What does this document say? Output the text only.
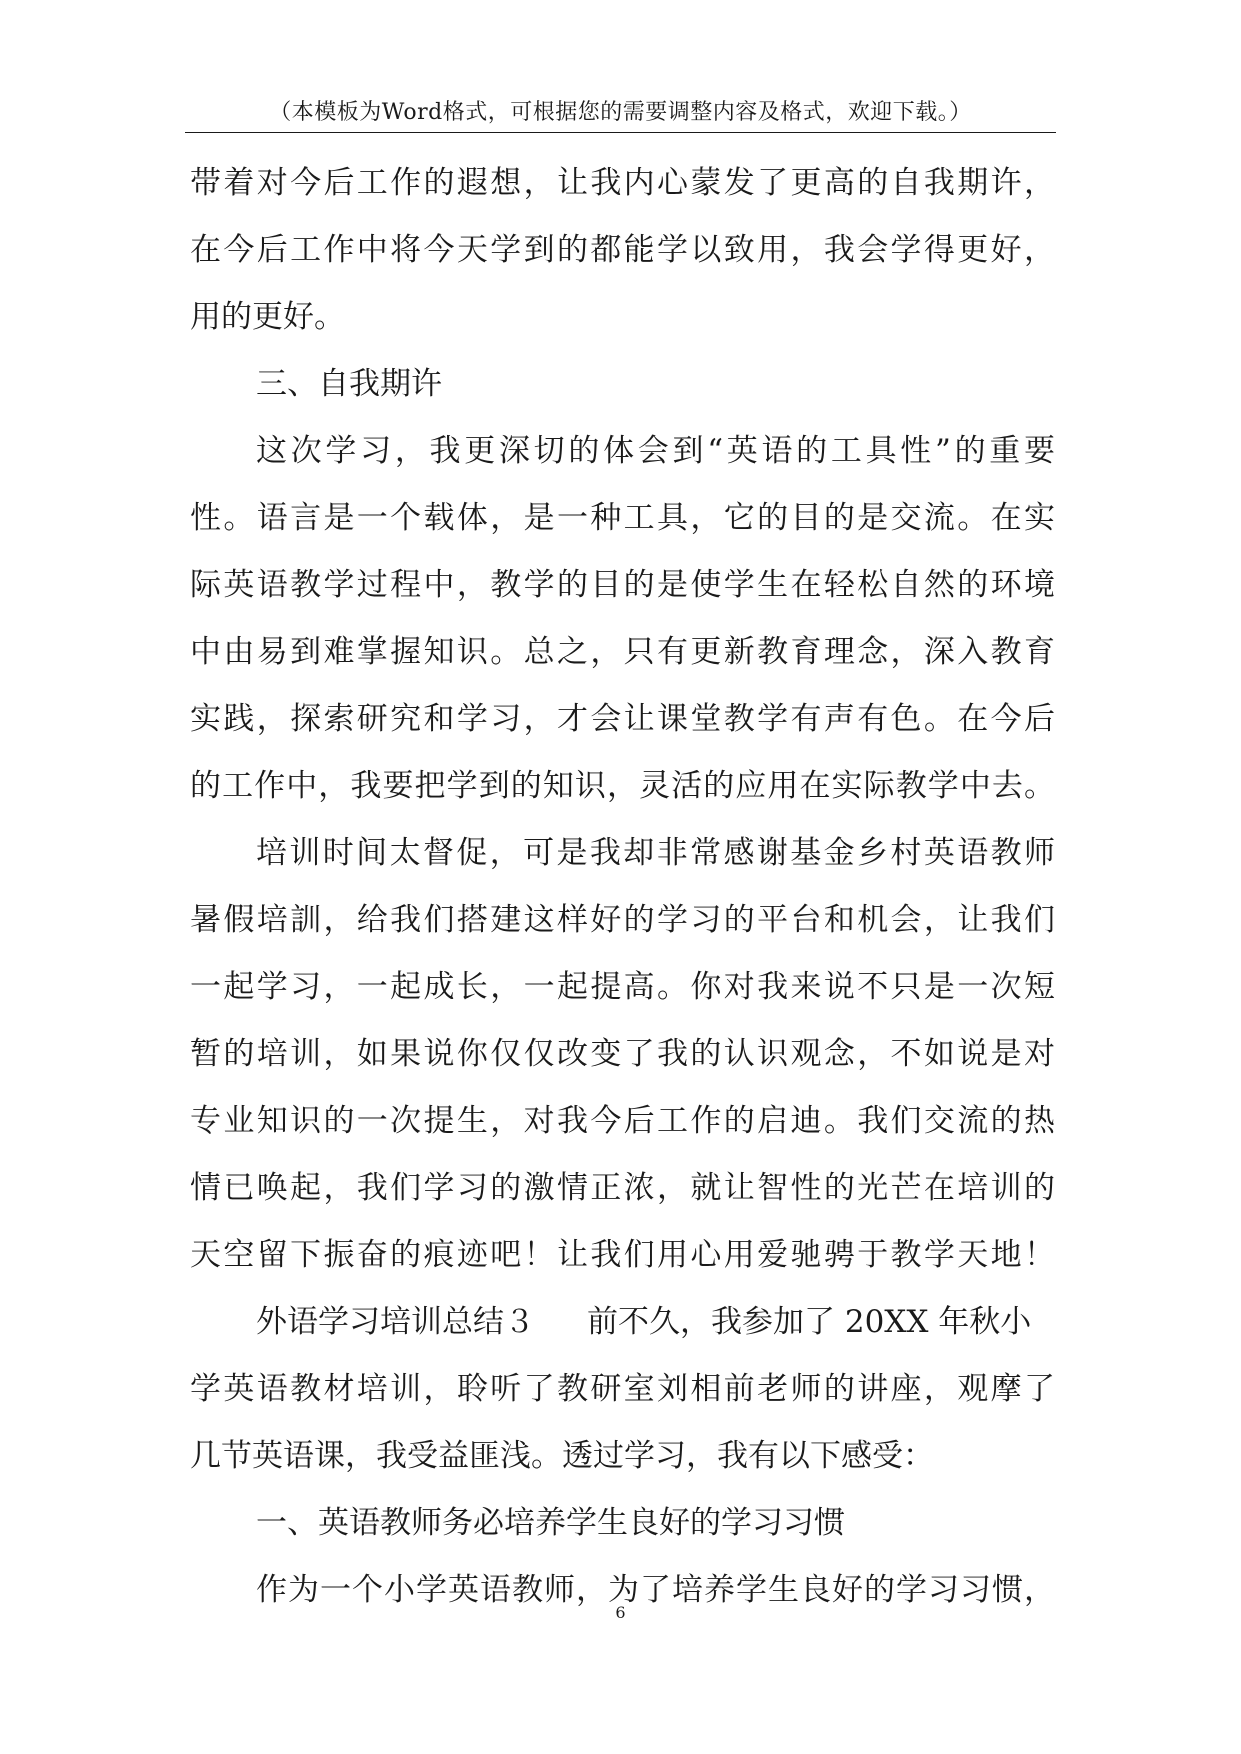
（本模板为Word格式，可根据您的需要调整内容及格式，欢迎下载。）
带着对今后工作的遐想，让我内心蒙发了更高的自我期许，
在今后工作中将今天学到的都能学以致用，我会学得更好，
用的更好。
三、自我期许
这次学习，我更深切的体会到“英语的工具性”的重要
性。语言是一个载体，是一种工具，它的目的是交流。在实
际英语教学过程中，教学的目的是使学生在轻松自然的环境
中由易到难掌握知识。总之，只有更新教育理念，深入教育
实践，探索研究和学习，才会让课堂教学有声有色。在今后
的工作中，我要把学到的知识，灵活的应用在实际教学中去。
培训时间太督促，可是我却非常感谢基金乡村英语教师
暑假培訓，给我们搭建这样好的学习的平台和机会，让我们
一起学习，一起成长，一起提高。你对我来说不只是一次短
暂的培训，如果说你仅仅改变了我的认识观念，不如说是对
专业知识的一次提生，对我今后工作的启迪。我们交流的热
情已唤起，我们学习的激情正浓，就让智性的光芒在培训的
天空留下振奋的痕迹吧！让我们用心用爱驰骋于教学天地！
外语学习培训总结３ 前不久，我参加了 20XX 年秋小
学英语教材培训，聆听了教研室刘相前老师的讲座，观摩了
几节英语课，我受益匪浅。透过学习，我有以下感受：
一、英语教师务必培养学生良好的学习习惯
作为一个小学英语教师，为了培养学生良好的学习习惯，
6
